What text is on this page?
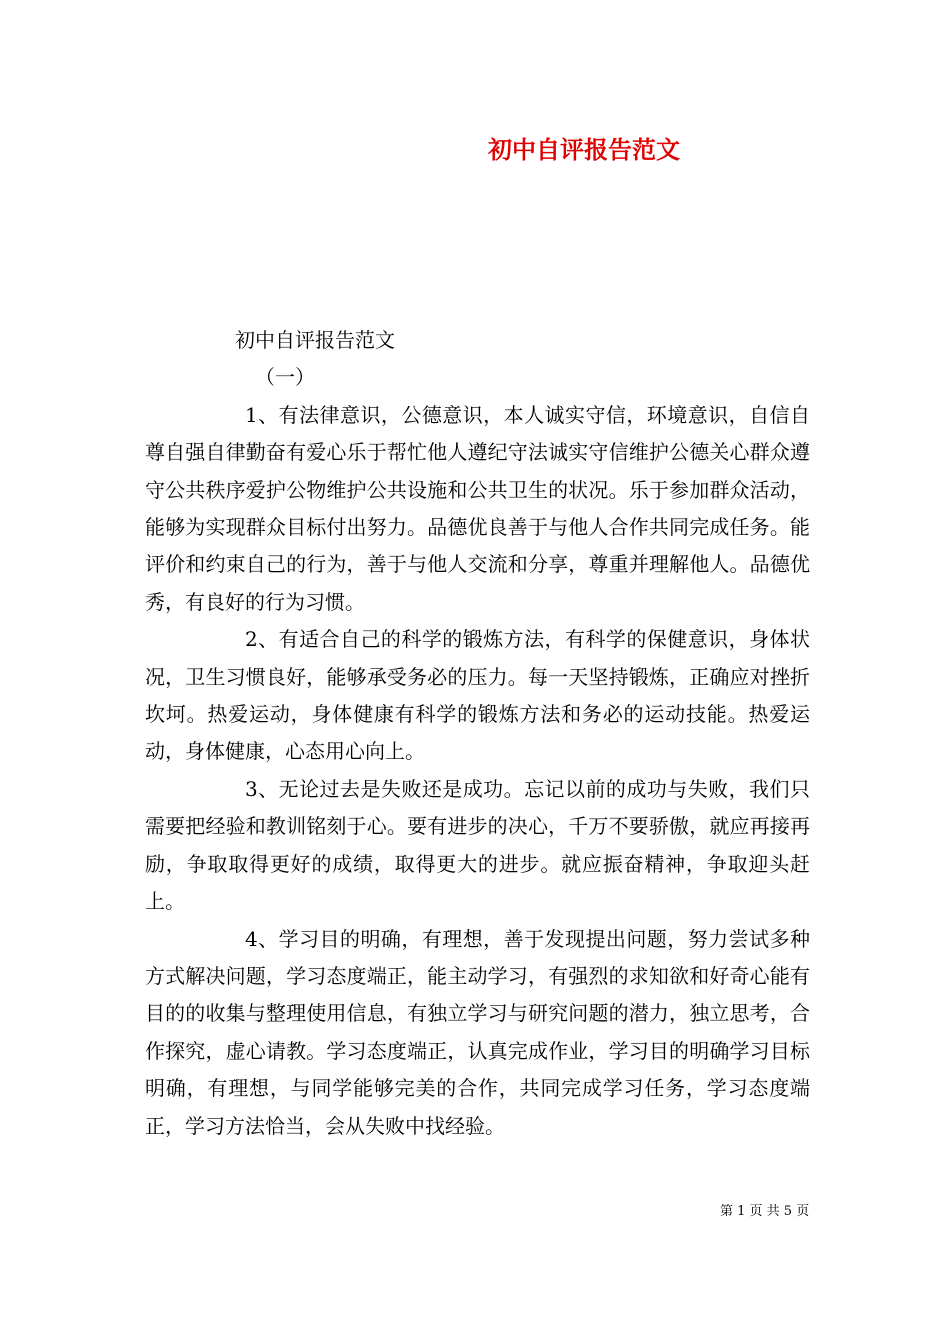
初中自评报告范文

初中自评报告范文

（一）

1、有法律意识，公德意识，本人诚实守信，环境意识，自信自尊自强自律勤奋有爱心乐于帮忙他人遵纪守法诚实守信维护公德关心群众遵守公共秩序爱护公物维护公共设施和公共卫生的状况。乐于参加群众活动，能够为实现群众目标付出努力。品德优良善于与他人合作共同完成任务。能评价和约束自己的行为，善于与他人交流和分享，尊重并理解他人。品德优秀，有良好的行为习惯。

2、有适合自己的科学的锻炼方法，有科学的保健意识，身体状况，卫生习惯良好，能够承受务必的压力。每一天坚持锻炼，正确应对挫折坎坷。热爱运动，身体健康有科学的锻炼方法和务必的运动技能。热爱运动，身体健康，心态用心向上。

3、无论过去是失败还是成功。忘记以前的成功与失败，我们只需要把经验和教训铭刻于心。要有进步的决心，千万不要骄傲，就应再接再励，争取取得更好的成绩，取得更大的进步。就应振奋精神，争取迎头赶上。

4、学习目的明确，有理想，善于发现提出问题，努力尝试多种方式解决问题，学习态度端正，能主动学习，有强烈的求知欲和好奇心能有目的的收集与整理使用信息，有独立学习与研究问题的潜力，独立思考，合作探究，虚心请教。学习态度端正，认真完成作业，学习目的明确学习目标明确，有理想，与同学能够完美的合作，共同完成学习任务，学习态度端正，学习方法恰当，会从失败中找经验。

第 1 页 共 5 页
